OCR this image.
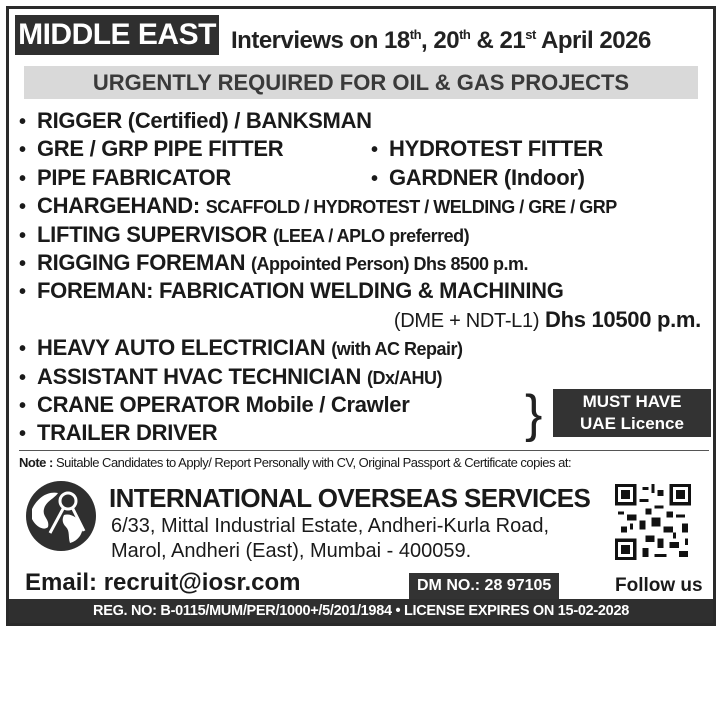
MIDDLE EAST Interviews on 18th, 20th & 21st April 2026
URGENTLY REQUIRED FOR OIL & GAS PROJECTS
• RIGGER (Certified) / BANKSMAN
• GRE / GRP PIPE FITTER	• HYDROTEST FITTER
• PIPE FABRICATOR	• GARDNER (Indoor)
• CHARGEHAND: SCAFFOLD / HYDROTEST / WELDING / GRE / GRP
• LIFTING SUPERVISOR (LEEA / APLO preferred)
• RIGGING FOREMAN (Appointed Person) Dhs 8500 p.m.
• FOREMAN: FABRICATION WELDING & MACHINING
(DME + NDT-L1) Dhs 10500 p.m.
• HEAVY AUTO ELECTRICIAN (with AC Repair)
• ASSISTANT HVAC TECHNICIAN (Dx/AHU)
• CRANE OPERATOR Mobile / Crawler
• TRAILER DRIVER	}	MUST HAVE
UAE Licence
Note : Suitable Candidates to Apply/ Report Personally with CV, Original Passport & Certificate copies at:
INTERNATIONAL OVERSEAS SERVICES
6/33, Mittal Industrial Estate, Andheri-Kurla Road,
Marol, Andheri (East), Mumbai - 400059.
Email: recruit@iosr.com	DM NO.: 28 97105	Follow us
REG. NO: B-0115/MUM/PER/1000+/5/201/1984 • LICENSE EXPIRES ON 15-02-2028
